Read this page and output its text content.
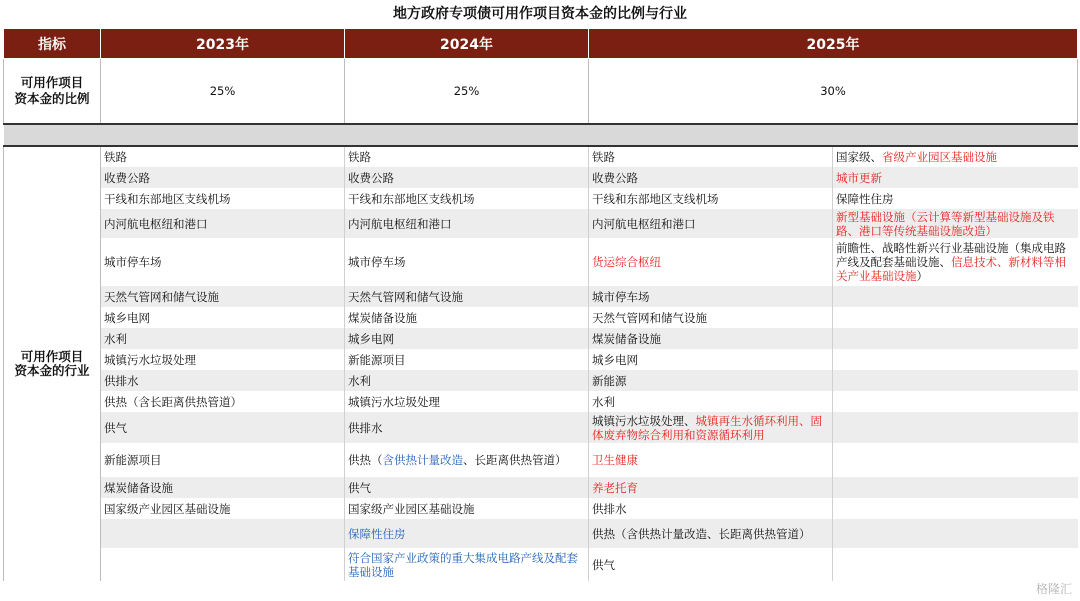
地方政府专项债可用作项目资本金的比例与行业
指标	2023年	2024年	2025年	
可用作项目
资本金的比例	25%	25%	30%	

可用作项目
资本金的行业	铁路	铁路	铁路	国家级、省级产业园区基础设施
	收费公路	收费公路	收费公路	城市更新
	干线和东部地区支线机场	干线和东部地区支线机场	干线和东部地区支线机场	保障性住房
	内河航电枢纽和港口	内河航电枢纽和港口	内河航电枢纽和港口	新型基础设施（云计算等新型基础设施及铁路、港口等传统基础设施改造）
	城市停车场	城市停车场	货运综合枢纽	前瞻性、战略性新兴行业基础设施（集成电路产线及配套基础设施、信息技术、新材料等相关产业基础设施）
	天然气管网和储气设施	天然气管网和储气设施	城市停车场	
	城乡电网	煤炭储备设施	天然气管网和储气设施	
	水利	城乡电网	煤炭储备设施	
	城镇污水垃圾处理	新能源项目	城乡电网	
	供排水	水利	新能源	
	供热（含长距离供热管道）	城镇污水垃圾处理	水利	
	供气	供排水	城镇污水垃圾处理、城镇再生水循环利用、固体废弃物综合利用和资源循环利用	
	新能源项目	供热（含供热计量改造、长距离供热管道）	卫生健康	
	煤炭储备设施	供气	养老托育	
	国家级产业园区基础设施	国家级产业园区基础设施	供排水	
		保障性住房	供热（含供热计量改造、长距离供热管道）	
		符合国家产业政策的重大集成电路产线及配套基础设施	供气	
格隆汇
